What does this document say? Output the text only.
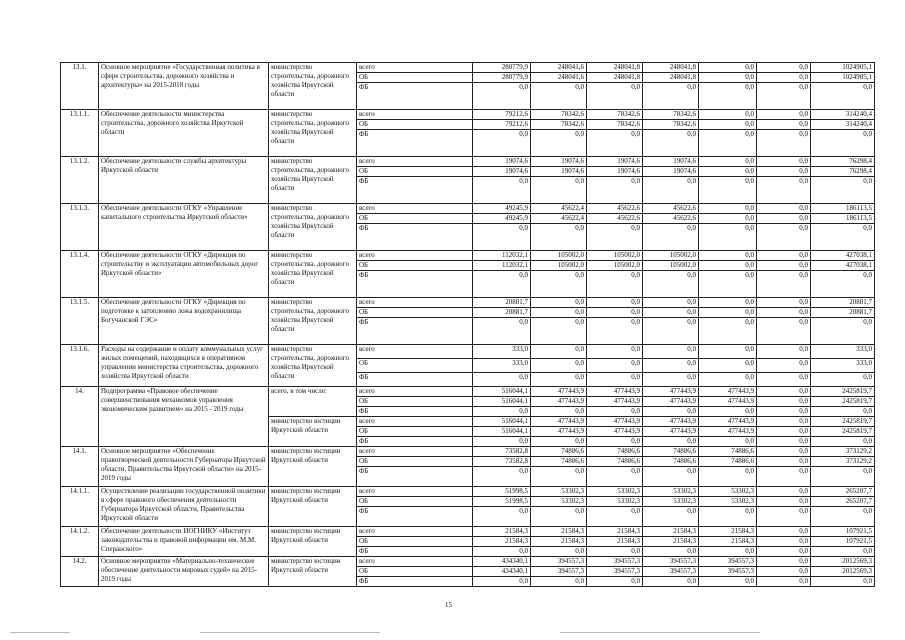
13.1.	Основное мероприятие «Государственная политика в сфере строительства, дорожного хозяйства и архитектуры» на 2015-2018 годы	министерство строительства, дорожного хозяйства Иркутской области	всего	280779,9	248041,6	248041,8	248041,8	0,0	0,0	1024905,1
			ОБ	280779,9	248041,6	248041,8	248041,8	0,0	0,0	1024905,1
			ФБ	0,0	0,0	0,0	0,0	0,0	0,0	0,0
13.1.1.	Обеспечение деятельности министерства строительства, дорожного хозяйства Иркутской области	министерство строительства, дорожного хозяйства Иркутской области	всего	79212,6	78342,6	78342,6	78342,6	0,0	0,0	314240,4
			ОБ	79212,6	78342,6	78342,6	78342,6	0,0	0,0	314240,4
			ФБ	0,0	0,0	0,0	0,0	0,0	0,0	0,0
13.1.2.	Обеспечение деятельности службы архитектуры Иркутской области	министерство строительства, дорожного хозяйства Иркутской области	всего	19074,6	19074,6	19074,6	19074,6	0,0	0,0	76298,4
			ОБ	19074,6	19074,6	19074,6	19074,6	0,0	0,0	76298,4
			ФБ	0,0	0,0	0,0	0,0	0,0	0,0	0,0
13.1.3.	Обеспечение деятельности ОГКУ «Управление капитального строительства Иркутской области»	министерство строительства, дорожного хозяйства Иркутской области	всего	49245,9	45622,4	45622,6	45622,6	0,0	0,0	186113,5
			ОБ	49245,9	45622,4	45622,6	45622,6	0,0	0,0	186113,5
			ФБ	0,0	0,0	0,0	0,0	0,0	0,0	0,0
13.1.4.	Обеспечение деятельности ОГКУ «Дирекция по строительству и эксплуатации автомобильных дорог Иркутской области»	министерство строительства, дорожного хозяйства Иркутской области	всего	112032,1	105002,0	105002,0	105002,0	0,0	0,0	427038,1
			ОБ	112032,1	105002,0	105002,0	105002,0	0,0	0,0	427038,1
			ФБ	0,0	0,0	0,0	0,0	0,0	0,0	0,0
13.1.5.	Обеспечение деятельности ОГКУ «Дирекция по подготовке к затоплению ложа водохранилища Богучанской ГЭС»	министерство строительства, дорожного хозяйства Иркутской области	всего	20881,7	0,0	0,0	0,0	0,0	0,0	20881,7
			ОБ	20881,7	0,0	0,0	0,0	0,0	0,0	20881,7
			ФБ	0,0	0,0	0,0	0,0	0,0	0,0	0,0
13.1.6.	Расходы на содержание и оплату коммунальных услуг жилых помещений, находящихся в оперативном управлении министерства строительства, дорожного хозяйства Иркутской области	министерство строительства, дорожного хозяйства Иркутской области	всего	333,0	0,0	0,0	0,0	0,0	0,0	333,0
			ОБ	333,0	0,0	0,0	0,0	0,0	0,0	333,0
			ФБ	0,0	0,0	0,0	0,0	0,0	0,0	0,0
14.	Подпрограмма «Правовое обеспечение совершенствования механизмов управления экономическим развитием» на 2015 - 2019 годы	всего, в том числе:	всего	516044,1	477443,9	477443,9	477443,9	477443,9	0,0	2425819,7
			ОБ	516044,1	477443,9	477443,9	477443,9	477443,9	0,0	2425819,7
			ФБ	0,0	0,0	0,0	0,0	0,0	0,0	0,0
		министерство юстиции Иркутской области	всего	516044,1	477443,9	477443,9	477443,9	477443,9	0,0	2425819,7
			ОБ	516044,1	477443,9	477443,9	477443,9	477443,9	0,0	2425819,7
			ФБ	0,0	0,0	0,0	0,0	0,0	0,0	0,0
14.1.	Основное мероприятие «Обеспечение правотворческой деятельности Губернатора Иркутской области, Правительства Иркутской области» на 2015-2019 годы	министерство юстиции Иркутской области	всего	73582,8	74886,6	74886,6	74886,6	74886,6	0,0	373129,2
			ОБ	73582,8	74886,6	74886,6	74886,6	74886,6	0,0	373129,2
			ФБ	0,0	0,0	0,0	0,0	0,0	0,0	0,0
14.1.1.	Осуществление реализации государственной политики в сфере правового обеспечения деятельности Губернатора Иркутской области, Правительства Иркутской области	министерство юстиции Иркутской области	всего	51998,5	53302,3	53302,3	53302,3	53302,3	0,0	265207,7
			ОБ	51998,5	53302,3	53302,3	53302,3	53302,3	0,0	265207,7
			ФБ	0,0	0,0	0,0	0,0	0,0	0,0	0,0
14.1.2.	Обеспечение деятельности ИОГНИКУ «Институт законодательства и правовой информации им. М.М. Сперанского»	министерство юстиции Иркутской области	всего	21584,3	21584,3	21584,3	21584,3	21584,3	0,0	107921,5
			ОБ	21584,3	21584,3	21584,3	21584,3	21584,3	0,0	107921,5
			ФБ	0,0	0,0	0,0	0,0	0,0	0,0	0,0
14.2.	Основное мероприятие «Материально-техническое обеспечение деятельности мировых судей» на 2015-2019 годы	министерство юстиции Иркутской области	всего	434340,1	394557,3	394557,3	394557,3	394557,3	0,0	2012569,3
			ОБ	434340,1	394557,3	394557,3	394557,3	394557,3	0,0	2012569,3
			ФБ	0,0	0,0	0,0	0,0	0,0	0,0	0,0
15
